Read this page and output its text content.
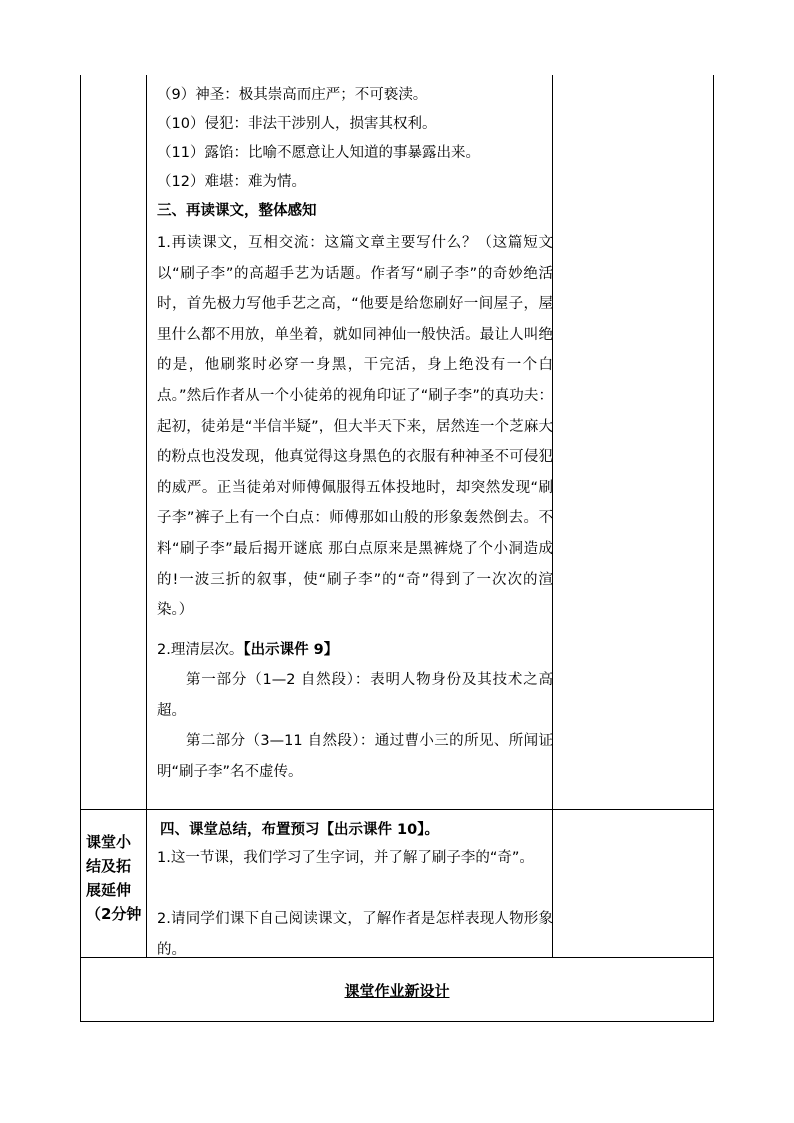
（9）神圣：极其崇高而庄严；不可亵渎。
（10）侵犯：非法干涉别人，损害其权利。
（11）露馅：比喻不愿意让人知道的事暴露出来。
（12）难堪：难为情。
三、再读课文，整体感知

1.再读课文，互相交流：这篇文章主要写什么？（这篇短文以“刷子李”的高超手艺为话题。作者写“刷子李”的奇妙绝活时，首先极力写他手艺之高，“他要是给您刷好一间屋子，屋里什么都不用放，单坐着，就如同神仙一般快活。最让人叫绝的是，他刷浆时必穿一身黑，干完活，身上绝没有一个白点。”然后作者从一个小徒弟的视角印证了“刷子李”的真功夫：起初，徒弟是“半信半疑”，但大半天下来，居然连一个芝麻大的粉点也没发现，他真觉得这身黑色的衣服有种神圣不可侵犯的威严。正当徒弟对师傅佩服得五体投地时，却突然发现“刷子李”裤子上有一个白点：师傅那如山般的形象轰然倒去。不料“刷子李”最后揭开谜底 那白点原来是黑裤烧了个小洞造成的!一波三折的叙事，使“刷子李”的“奇”得到了一次次的渲染。）

2.理清层次。【出示课件 9】

第一部分（1—2 自然段）：表明人物身份及其技术之高超。

第二部分（3—11 自然段）：通过曹小三的所见、所闻证明“刷子李”名不虚传。

课堂小结及拓展延伸（2分钟
四、课堂总结，布置预习【出示课件 10】。

1.这一节课，我们学习了生字词，并了解了刷子李的“奇”。

2.请同学们课下自己阅读课文，了解作者是怎样表现人物形象的。

课堂作业新设计
